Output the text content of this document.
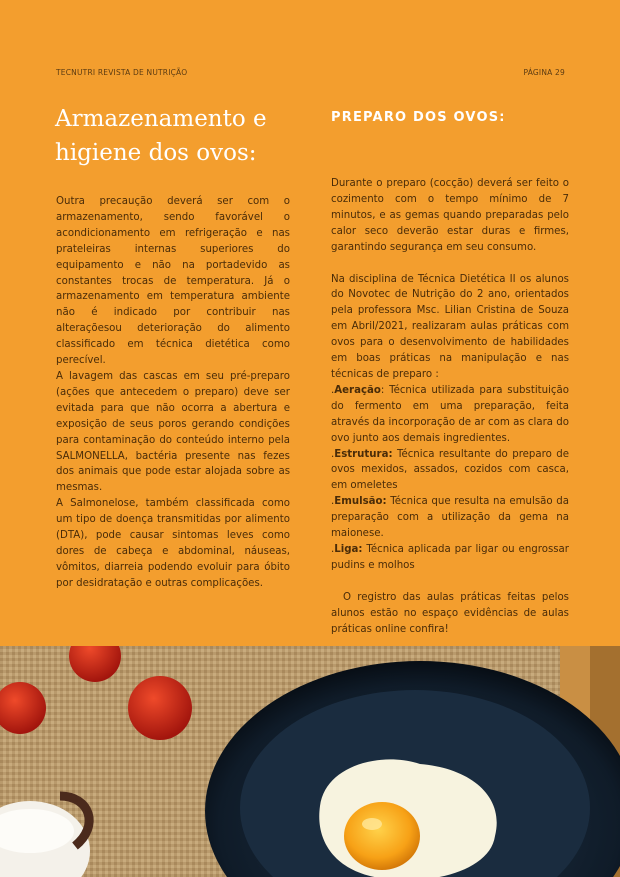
TECNUTRI REVISTA DE NUTRIÇÃO	PÁGINA 29
Armazenamento e higiene dos ovos:
PREPARO DOS OVOS:

Outra precaução deverá ser com o armazenamento, sendo favorável o acondicionamento em refrigeração e nas prateleiras internas superiores do equipamento e não na portadevido as constantes trocas de temperatura. Já o armazenamento em temperatura ambiente não é indicado por contribuir nas alteraçõesou deterioração do alimento classificado em técnica dietética como perecível.

A lavagem das cascas em seu pré-preparo (ações que antecedem o preparo) deve ser evitada para que não ocorra a abertura e exposição de seus poros gerando condições para contaminação do conteúdo interno pela SALMONELLA, bactéria presente nas fezes dos animais que pode estar alojada sobre as mesmas.

A Salmonelose, também classificada como um tipo de doença transmitidas por alimento (DTA), pode causar sintomas leves como dores de cabeça e abdominal, náuseas, vômitos, diarreia podendo evoluir para óbito por desidratação e outras complicações.

Durante o preparo (cocção) deverá ser feito o cozimento com o tempo mínimo de 7 minutos, e as gemas quando preparadas pelo calor seco deverão estar duras e firmes, garantindo segurança em seu consumo.

Na disciplina de Técnica Dietética II os alunos do Novotec de Nutrição do 2 ano, orientados pela professora Msc. Lilian Cristina de Souza em Abril/2021, realizaram aulas práticas com ovos para o desenvolvimento de habilidades em boas práticas na manipulação e nas técnicas de preparo :

.Aeração: Técnica utilizada para substituição do fermento em uma preparação, feita através da incorporação de ar com as clara do ovo junto aos demais ingredientes.

.Estrutura: Técnica resultante do preparo de ovos mexidos, assados, cozidos com casca, em omeletes

.Emulsão: Técnica que resulta na emulsão da preparação com a utilização da gema na maionese.

.Liga: Técnica aplicada par ligar ou engrossar pudins e molhos

O registro das aulas práticas feitas pelos alunos estão no espaço evidências de aulas práticas online confira!
